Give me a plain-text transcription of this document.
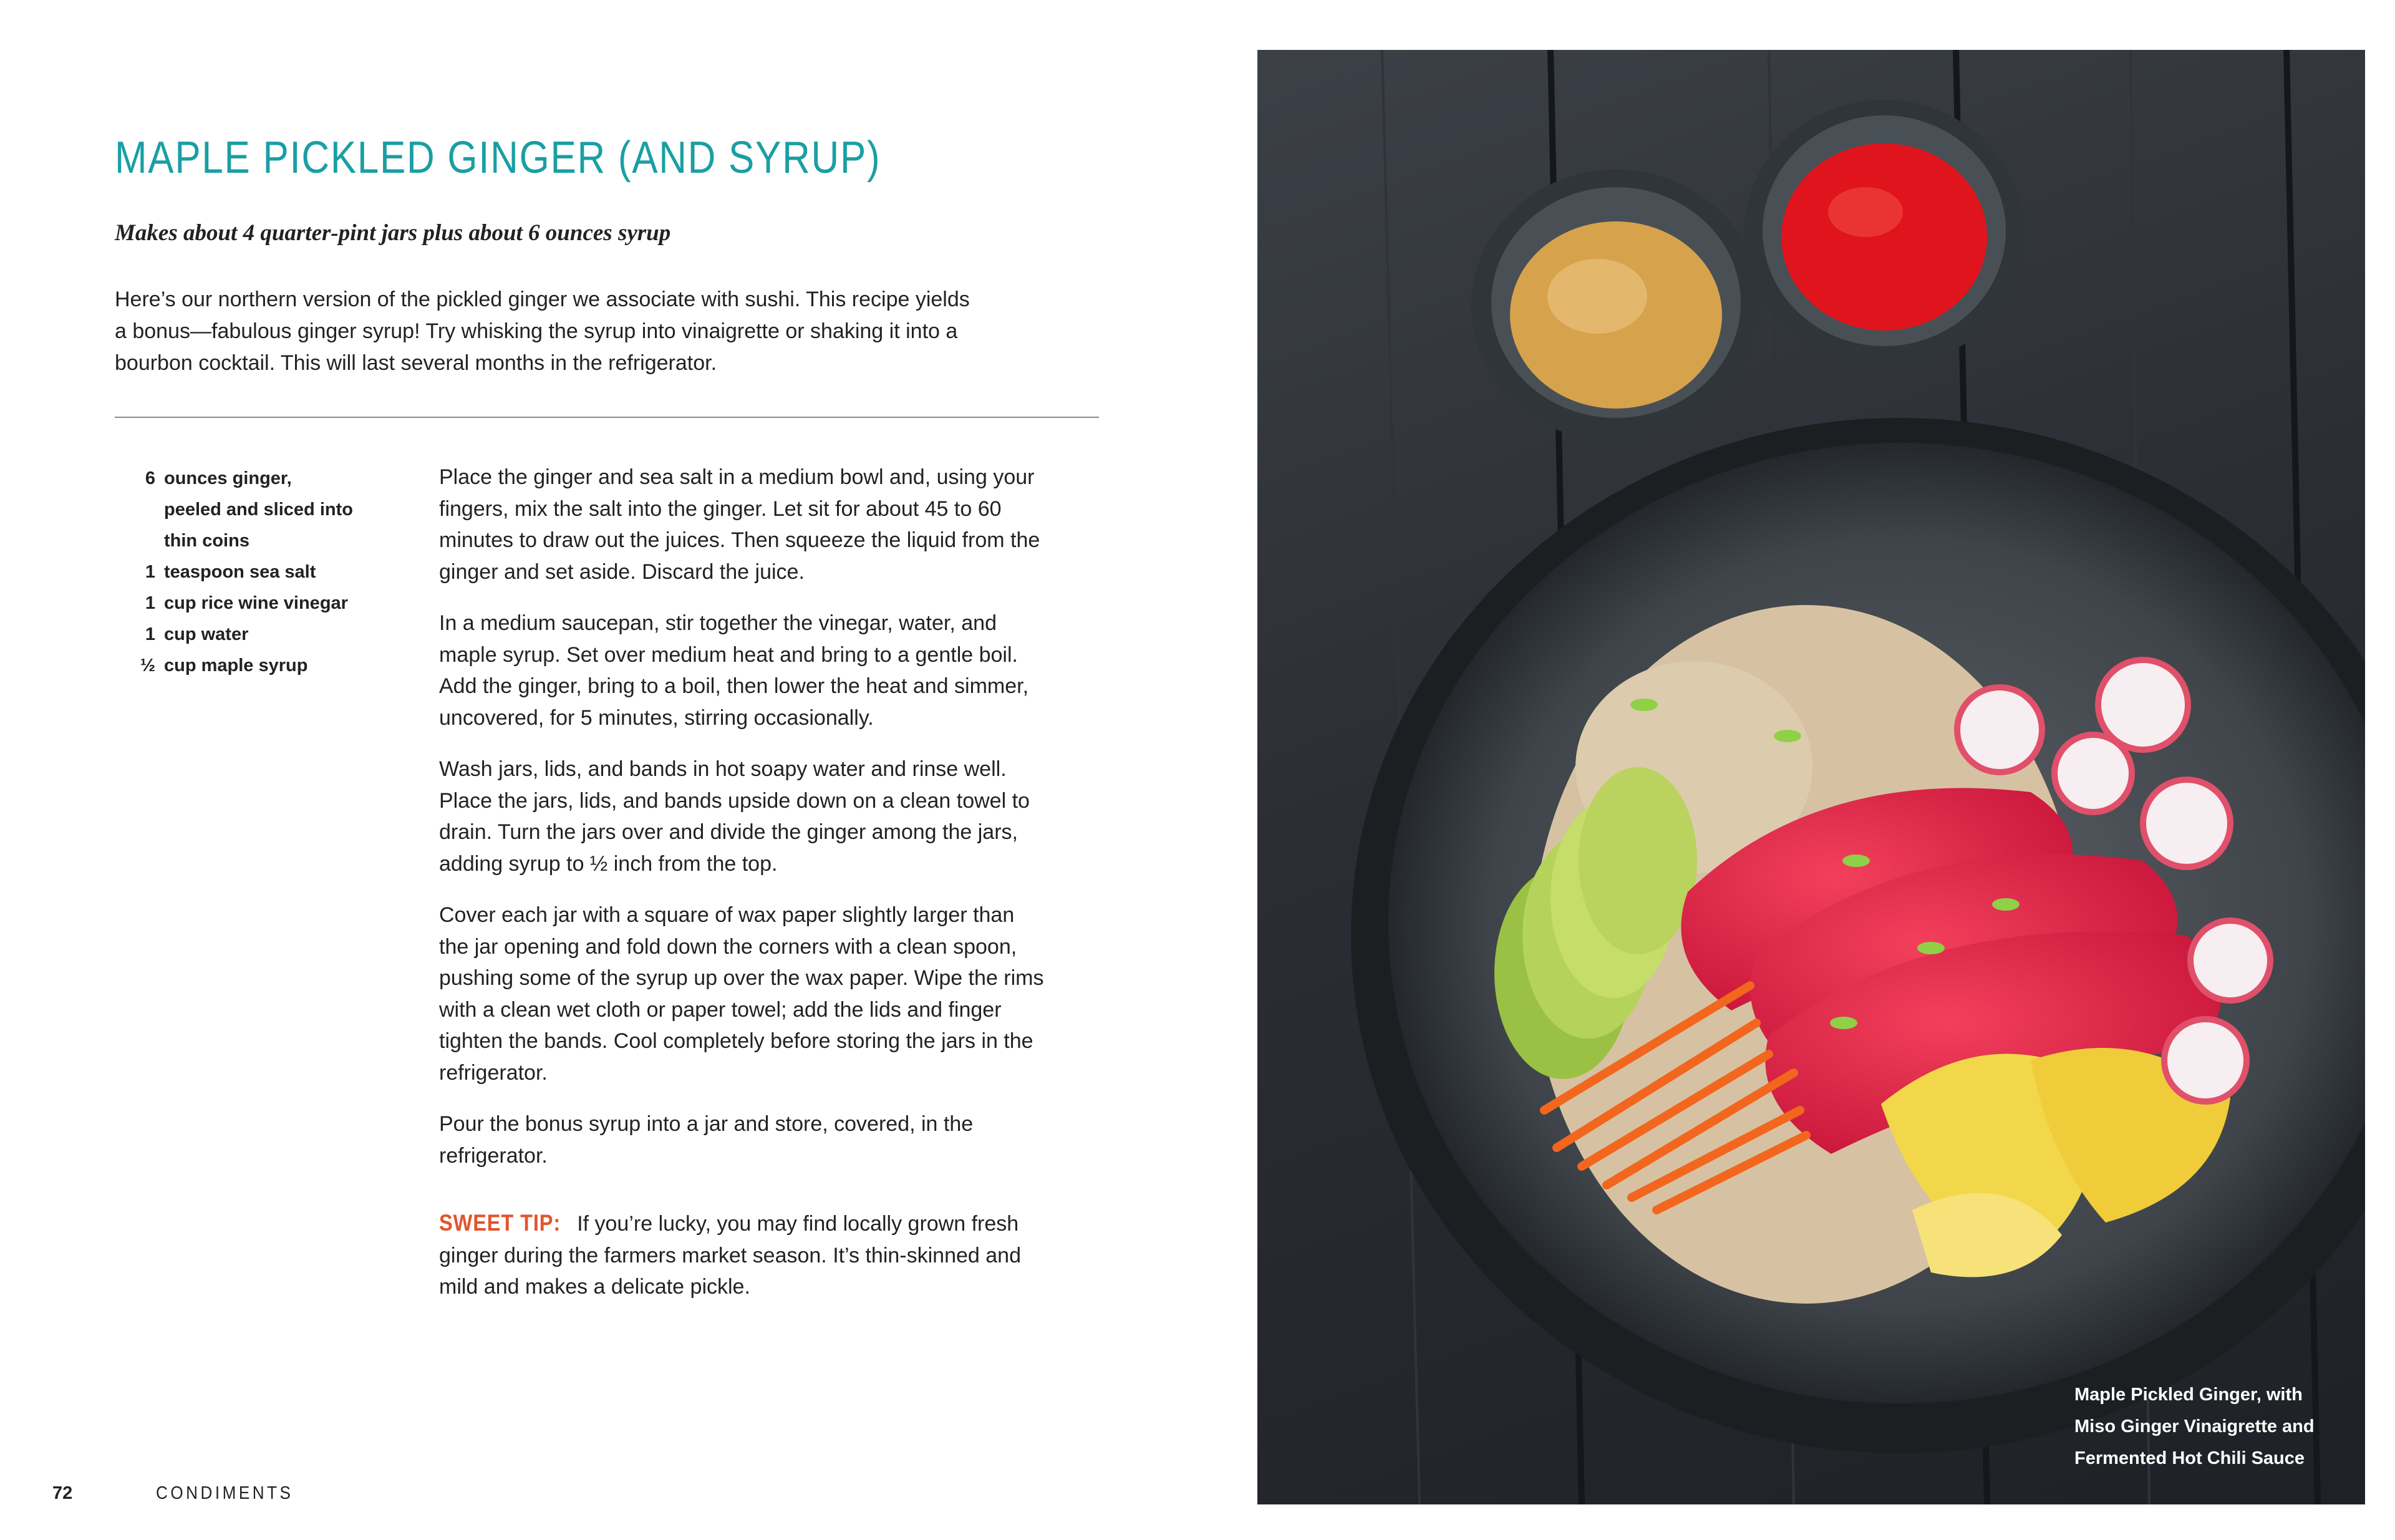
MAPLE PICKLED GINGER (AND SYRUP)
Makes about 4 quarter-pint jars plus about 6 ounces syrup
Here’s our northern version of the pickled ginger we associate with sushi. This recipe yields
a bonus—fabulous ginger syrup! Try whisking the syrup into vinaigrette or shaking it into a
bourbon cocktail. This will last several months in the refrigerator.
6 ounces ginger,
peeled and sliced into
thin coins
1 teaspoon sea salt
1 cup rice wine vinegar
1 cup water
½ cup maple syrup

Place the ginger and sea salt in a medium bowl and, using your
fingers, mix the salt into the ginger. Let sit for about 45 to 60
minutes to draw out the juices. Then squeeze the liquid from the
ginger and set aside. Discard the juice.

In a medium saucepan, stir together the vinegar, water, and
maple syrup. Set over medium heat and bring to a gentle boil.
Add the ginger, bring to a boil, then lower the heat and simmer,
uncovered, for 5 minutes, stirring occasionally.

Wash jars, lids, and bands in hot soapy water and rinse well.
Place the jars, lids, and bands upside down on a clean towel to
drain. Turn the jars over and divide the ginger among the jars,
adding syrup to ½ inch from the top.

Cover each jar with a square of wax paper slightly larger than
the jar opening and fold down the corners with a clean spoon,
pushing some of the syrup up over the wax paper. Wipe the rims
with a clean wet cloth or paper towel; add the lids and finger
tighten the bands. Cool completely before storing the jars in the
refrigerator.

Pour the bonus syrup into a jar and store, covered, in the
refrigerator.

SWEET TIP: If you’re lucky, you may find locally grown fresh
ginger during the farmers market season. It’s thin-skinned and
mild and makes a delicate pickle.

72	CONDIMENTS
Maple Pickled Ginger, with
Miso Ginger Vinaigrette and
Fermented Hot Chili Sauce
